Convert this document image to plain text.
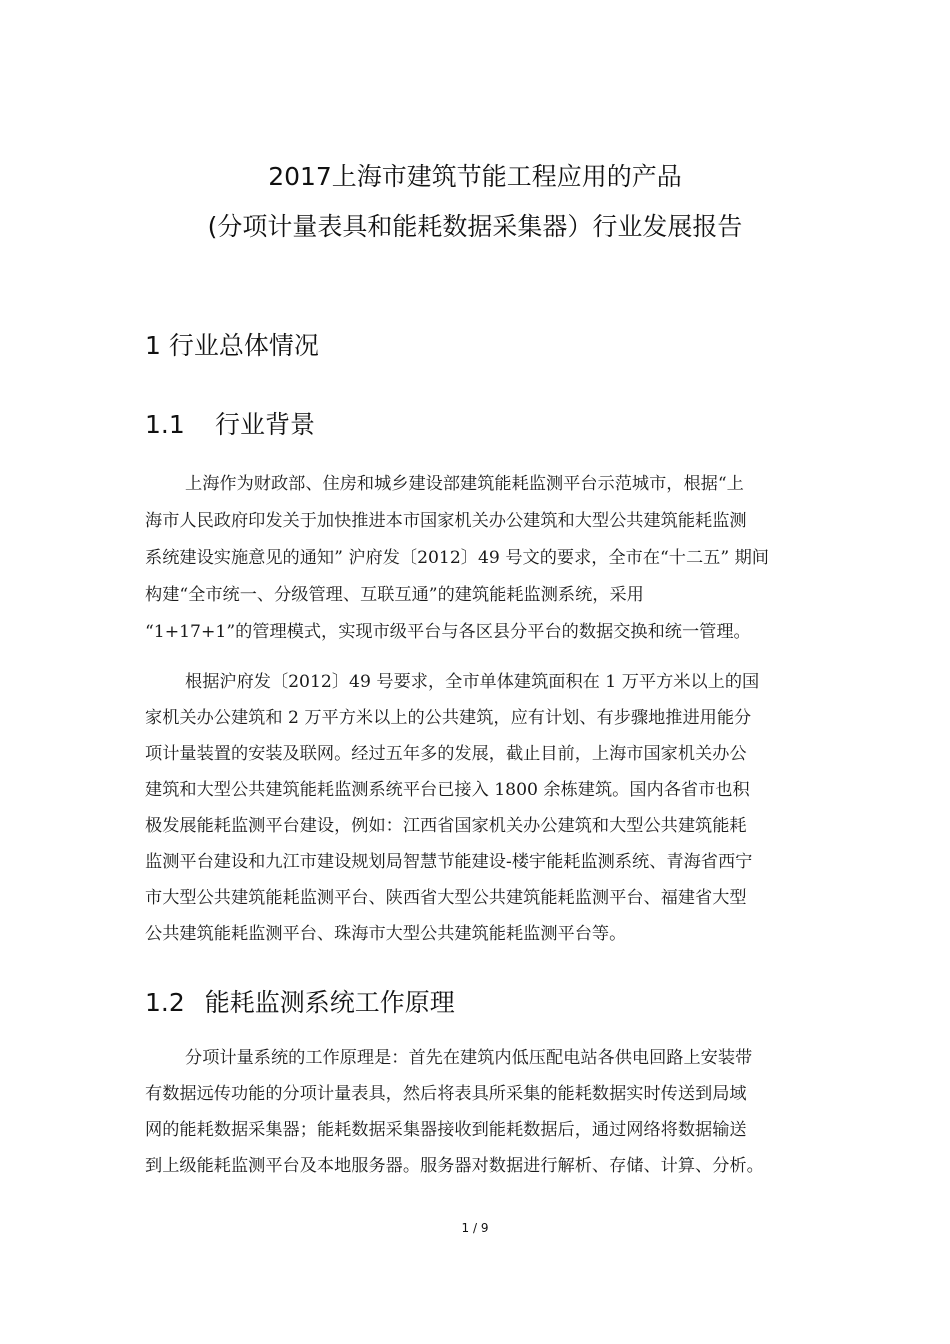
2017上海市建筑节能工程应用的产品
(分项计量表具和能耗数据采集器）行业发展报告
1 行业总体情况
1.1 行业背景
上海作为财政部、住房和城乡建设部建筑能耗监测平台示范城市，根据“上
海市人民政府印发关于加快推进本市国家机关办公建筑和大型公共建筑能耗监测
系统建设实施意见的通知” 沪府发〔2012〕49 号文的要求，全市在“十二五” 期间
构建“全市统一、分级管理、互联互通”的建筑能耗监测系统，采用
“1+17+1”的管理模式，实现市级平台与各区县分平台的数据交换和统一管理。
根据沪府发〔2012〕49 号要求，全市单体建筑面积在 1 万平方米以上的国
家机关办公建筑和 2 万平方米以上的公共建筑，应有计划、有步骤地推进用能分
项计量装置的安装及联网。经过五年多的发展，截止目前，上海市国家机关办公
建筑和大型公共建筑能耗监测系统平台已接入 1800 余栋建筑。国内各省市也积
极发展能耗监测平台建设，例如：江西省国家机关办公建筑和大型公共建筑能耗
监测平台建设和九江市建设规划局智慧节能建设-楼宇能耗监测系统、青海省西宁
市大型公共建筑能耗监测平台、陕西省大型公共建筑能耗监测平台、福建省大型
公共建筑能耗监测平台、珠海市大型公共建筑能耗监测平台等。
1.2 能耗监测系统工作原理
分项计量系统的工作原理是：首先在建筑内低压配电站各供电回路上安装带
有数据远传功能的分项计量表具，然后将表具所采集的能耗数据实时传送到局域
网的能耗数据采集器；能耗数据采集器接收到能耗数据后，通过网络将数据输送
到上级能耗监测平台及本地服务器。服务器对数据进行解析、存储、计算、分析。
1 / 9
